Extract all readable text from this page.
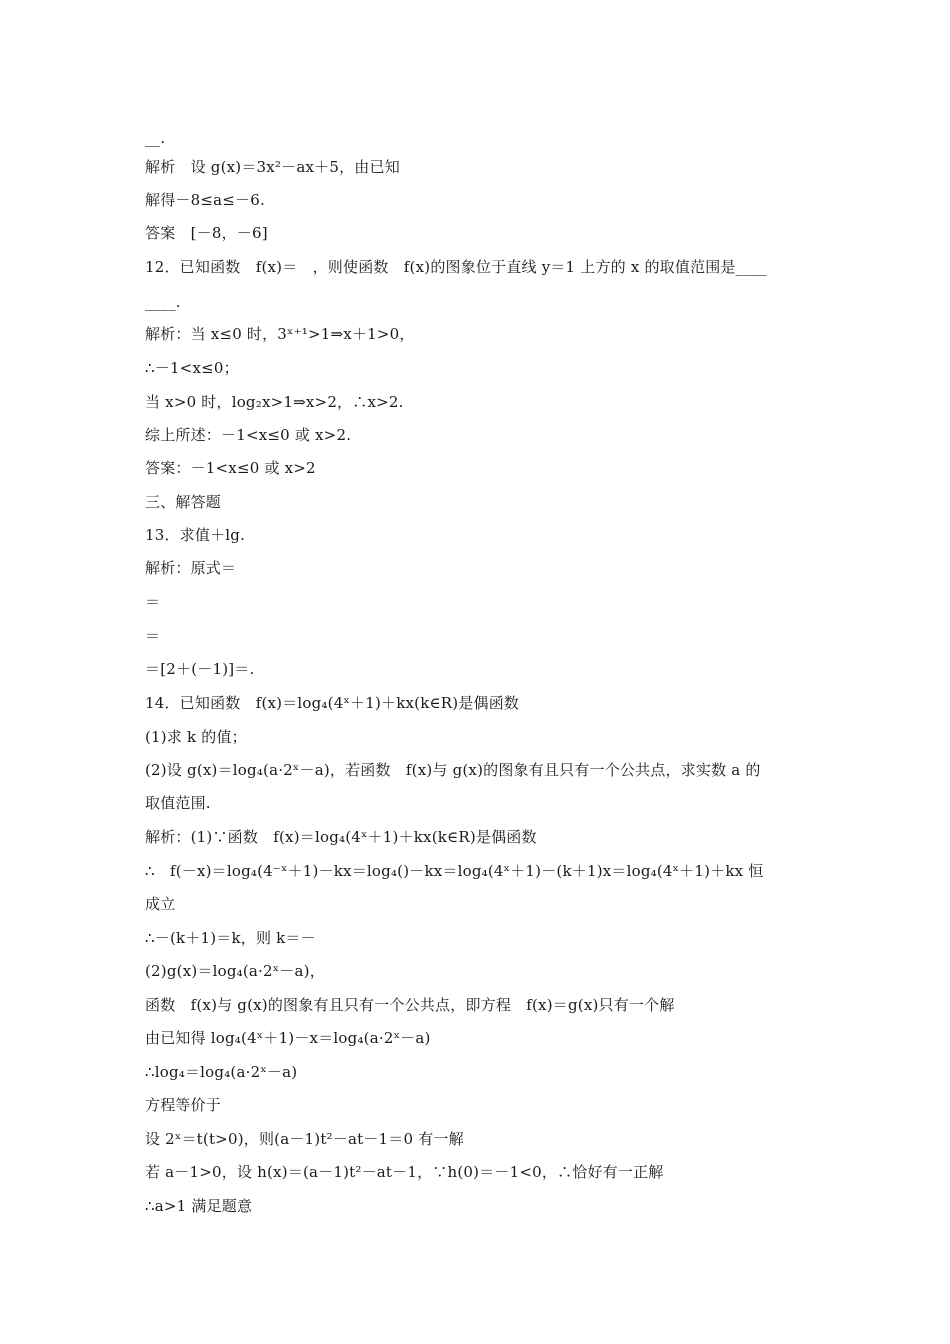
__.
解析　设 g(x)＝3x²－ax＋5，由已知
解得－8≤a≤－6.
答案　[－8，－6]
12．已知函数　f(x)＝　，则使函数　f(x)的图象位于直线 y＝1 上方的 x 的取值范围是____
____.
解析：当 x≤0 时，3ˣ⁺¹>1⇒x＋1>0，
∴－1<x≤0；
当 x>0 时，log₂x>1⇒x>2，∴x>2.
综上所述：－1<x≤0 或 x>2.
答案：－1<x≤0 或 x>2
三、解答题
13．求值＋lg.
解析：原式＝
＝
＝
＝[2＋(－1)]＝.
14．已知函数　f(x)＝log₄(4ˣ＋1)＋kx(k∈R)是偶函数
(1)求 k 的值；
(2)设 g(x)＝log₄(a·2ˣ－a)，若函数　f(x)与 g(x)的图象有且只有一个公共点，求实数 a 的
取值范围.
解析：(1)∵函数　f(x)＝log₄(4ˣ＋1)＋kx(k∈R)是偶函数
∴　f(－x)＝log₄(4⁻ˣ＋1)－kx＝log₄()－kx＝log₄(4ˣ＋1)－(k＋1)x＝log₄(4ˣ＋1)＋kx 恒
成立
∴－(k＋1)＝k，则 k＝－
(2)g(x)＝log₄(a·2ˣ－a)，
函数　f(x)与 g(x)的图象有且只有一个公共点，即方程　f(x)＝g(x)只有一个解
由已知得 log₄(4ˣ＋1)－x＝log₄(a·2ˣ－a)
∴log₄＝log₄(a·2ˣ－a)
方程等价于
设 2ˣ＝t(t>0)，则(a－1)t²－at－1＝0 有一解
若 a－1>0，设 h(x)＝(a－1)t²－at－1，∵h(0)＝－1<0，∴恰好有一正解
∴a>1 满足题意
